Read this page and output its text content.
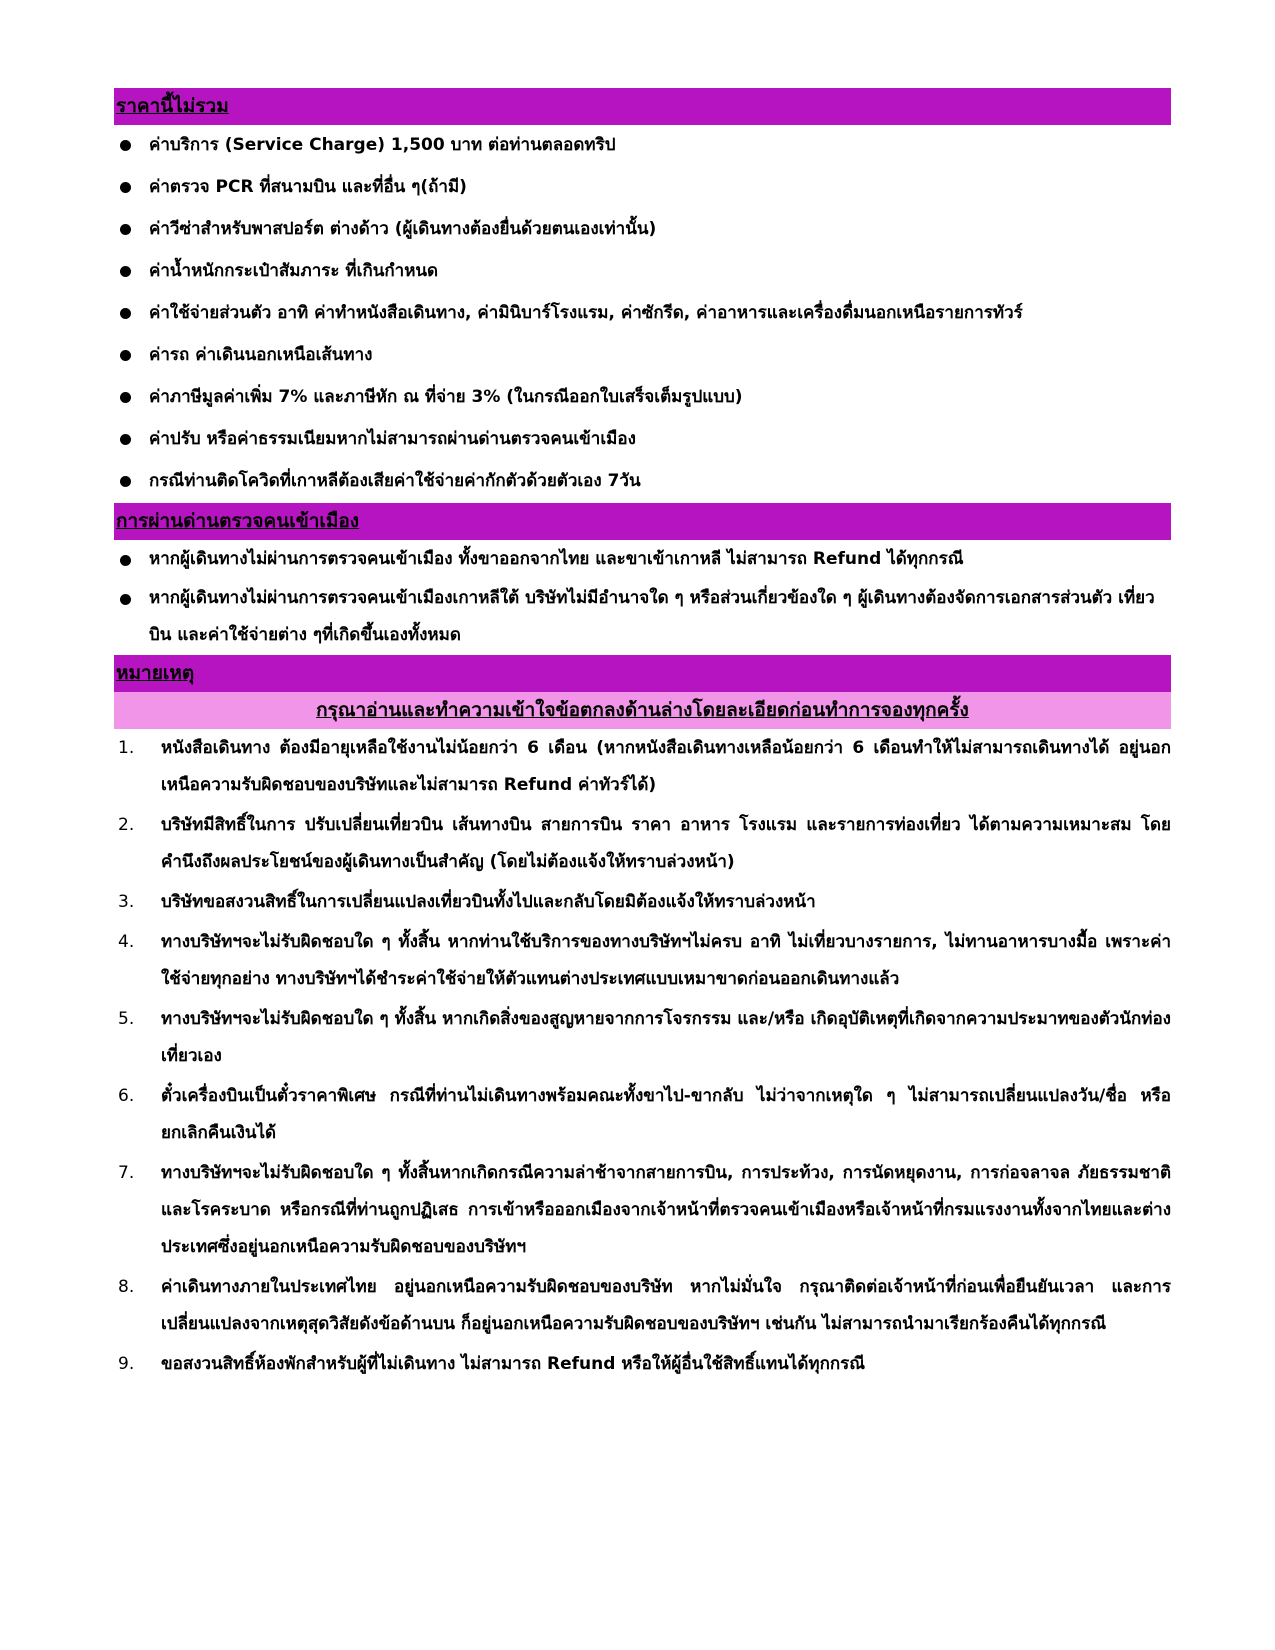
ราคานี้ไม่รวม
ค่าบริการ (Service Charge) 1,500 บาท ต่อท่านตลอดทริป
ค่าตรวจ PCR ที่สนามบิน และที่อื่น ๆ(ถ้ามี)
ค่าวีซ่าสำหรับพาสปอร์ต ต่างด้าว (ผู้เดินทางต้องยื่นด้วยตนเองเท่านั้น)
ค่าน้ำหนักกระเป๋าสัมภาระ ที่เกินกำหนด
ค่าใช้จ่ายส่วนตัว อาทิ ค่าทำหนังสือเดินทาง, ค่ามินิบาร์โรงแรม, ค่าซักรีด, ค่าอาหารและเครื่องดื่มนอกเหนือรายการทัวร์
ค่ารถ ค่าเดินนอกเหนือเส้นทาง
ค่าภาษีมูลค่าเพิ่ม 7% และภาษีหัก ณ ที่จ่าย 3% (ในกรณีออกใบเสร็จเต็มรูปแบบ)
ค่าปรับ หรือค่าธรรมเนียมหากไม่สามารถผ่านด่านตรวจคนเข้าเมือง
กรณีท่านติดโควิดที่เกาหลีต้องเสียค่าใช้จ่ายค่ากักตัวด้วยตัวเอง 7วัน
การผ่านด่านตรวจคนเข้าเมือง
หากผู้เดินทางไม่ผ่านการตรวจคนเข้าเมือง ทั้งขาออกจากไทย และขาเข้าเกาหลี ไม่สามารถ Refund ได้ทุกกรณี
หากผู้เดินทางไม่ผ่านการตรวจคนเข้าเมืองเกาหลีใต้ บริษัทไม่มีอำนาจใด ๆ หรือส่วนเกี่ยวข้องใด ๆ ผู้เดินทางต้องจัดการเอกสารส่วนตัว เที่ยวบิน และค่าใช้จ่ายต่าง ๆที่เกิดขึ้นเองทั้งหมด
หมายเหตุ
กรุณาอ่านและทำความเข้าใจข้อตกลงด้านล่างโดยละเอียดก่อนทำการจองทุกครั้ง
1. หนังสือเดินทาง ต้องมีอายุเหลือใช้งานไม่น้อยกว่า 6 เดือน (หากหนังสือเดินทางเหลือน้อยกว่า 6 เดือนทำให้ไม่สามารถเดินทางได้ อยู่นอกเหนือความรับผิดชอบของบริษัทและไม่สามารถ Refund ค่าทัวร์ได้)
2. บริษัทมีสิทธิ์ในการ ปรับเปลี่ยนเที่ยวบิน เส้นทางบิน สายการบิน ราคา อาหาร โรงแรม และรายการท่องเที่ยว ได้ตามความเหมาะสม โดยคำนึงถึงผลประโยชน์ของผู้เดินทางเป็นสำคัญ (โดยไม่ต้องแจ้งให้ทราบล่วงหน้า)
3. บริษัทขอสงวนสิทธิ์ในการเปลี่ยนแปลงเที่ยวบินทั้งไปและกลับโดยมิต้องแจ้งให้ทราบล่วงหน้า
4. ทางบริษัทฯจะไม่รับผิดชอบใด ๆ ทั้งสิ้น หากท่านใช้บริการของทางบริษัทฯไม่ครบ อาทิ ไม่เที่ยวบางรายการ, ไม่ทานอาหารบางมื้อ เพราะค่าใช้จ่ายทุกอย่าง ทางบริษัทฯได้ชำระค่าใช้จ่ายให้ตัวแทนต่างประเทศแบบเหมาขาดก่อนออกเดินทางแล้ว
5. ทางบริษัทฯจะไม่รับผิดชอบใด ๆ ทั้งสิ้น หากเกิดสิ่งของสูญหายจากการโจรกรรม และ/หรือ เกิดอุบัติเหตุที่เกิดจากความประมาทของตัวนักท่องเที่ยวเอง
6. ตั๋วเครื่องบินเป็นตั๋วราคาพิเศษ กรณีที่ท่านไม่เดินทางพร้อมคณะทั้งขาไป-ขากลับ ไม่ว่าจากเหตุใด ๆ ไม่สามารถเปลี่ยนแปลงวัน/ชื่อ หรือยกเลิกคืนเงินได้
7. ทางบริษัทฯจะไม่รับผิดชอบใด ๆ ทั้งสิ้นหากเกิดกรณีความล่าช้าจากสายการบิน, การประท้วง, การนัดหยุดงาน, การก่อจลาจล ภัยธรรมชาติ และโรคระบาด หรือกรณีที่ท่านถูกปฏิเสธ การเข้าหรือออกเมืองจากเจ้าหน้าที่ตรวจคนเข้าเมืองหรือเจ้าหน้าที่กรมแรงงานทั้งจากไทยและต่างประเทศซึ่งอยู่นอกเหนือความรับผิดชอบของบริษัทฯ
8. ค่าเดินทางภายในประเทศไทย อยู่นอกเหนือความรับผิดชอบของบริษัท หากไม่มั่นใจ กรุณาติดต่อเจ้าหน้าที่ก่อนเพื่อยืนยันเวลา และการเปลี่ยนแปลงจากเหตุสุดวิสัยดังข้อด้านบน ก็อยู่นอกเหนือความรับผิดชอบของบริษัทฯ เช่นกัน ไม่สามารถนำมาเรียกร้องคืนได้ทุกกรณี
9. ขอสงวนสิทธิ์ห้องพักสำหรับผู้ที่ไม่เดินทาง ไม่สามารถ Refund หรือให้ผู้อื่นใช้สิทธิ์แทนได้ทุกกรณี
